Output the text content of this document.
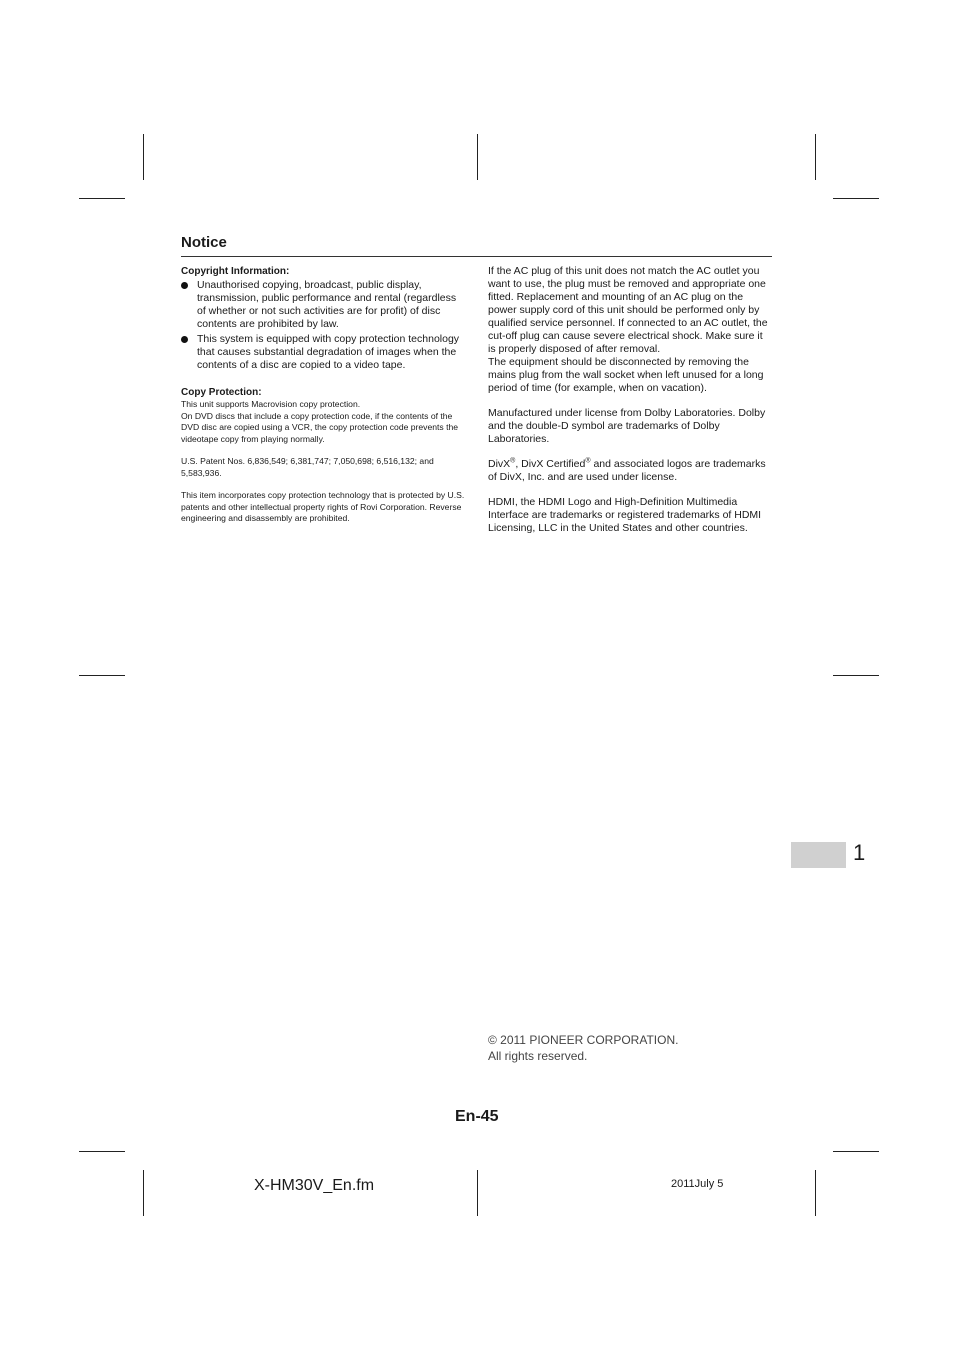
Notice
Copyright Information:
Unauthorised copying, broadcast, public display, transmission, public performance and rental (regardless of whether or not such activities are for profit) of disc contents are prohibited by law.
This system is equipped with copy protection technology that causes substantial degradation of images when the contents of a disc are copied to a video tape.
Copy Protection:
This unit supports Macrovision copy protection.
On DVD discs that include a copy protection code, if the contents of the DVD disc are copied using a VCR, the copy protection code prevents the videotape copy from playing normally.
U.S. Patent Nos. 6,836,549; 6,381,747; 7,050,698; 6,516,132; and 5,583,936.
This item incorporates copy protection technology that is protected by U.S. patents and other intellectual property rights of Rovi Corporation. Reverse engineering and disassembly are prohibited.
If the AC plug of this unit does not match the AC outlet you want to use, the plug must be removed and appropriate one fitted. Replacement and mounting of an AC plug on the power supply cord of this unit should be performed only by qualified service personnel. If connected to an AC outlet, the cut-off plug can cause severe electrical shock. Make sure it is properly disposed of after removal.
The equipment should be disconnected by removing the mains plug from the wall socket when left unused for a long period of time (for example, when on vacation).
Manufactured under license from Dolby Laboratories. Dolby and the double-D symbol are trademarks of Dolby Laboratories.
DivX®, DivX Certified® and associated logos are trademarks of DivX, Inc. and are used under license.
HDMI, the HDMI Logo and High-Definition Multimedia Interface are trademarks or registered trademarks of HDMI Licensing, LLC in the United States and other countries.
1
© 2011 PIONEER CORPORATION.
All rights reserved.
En-45
X-HM30V_En.fm	2011July 5
